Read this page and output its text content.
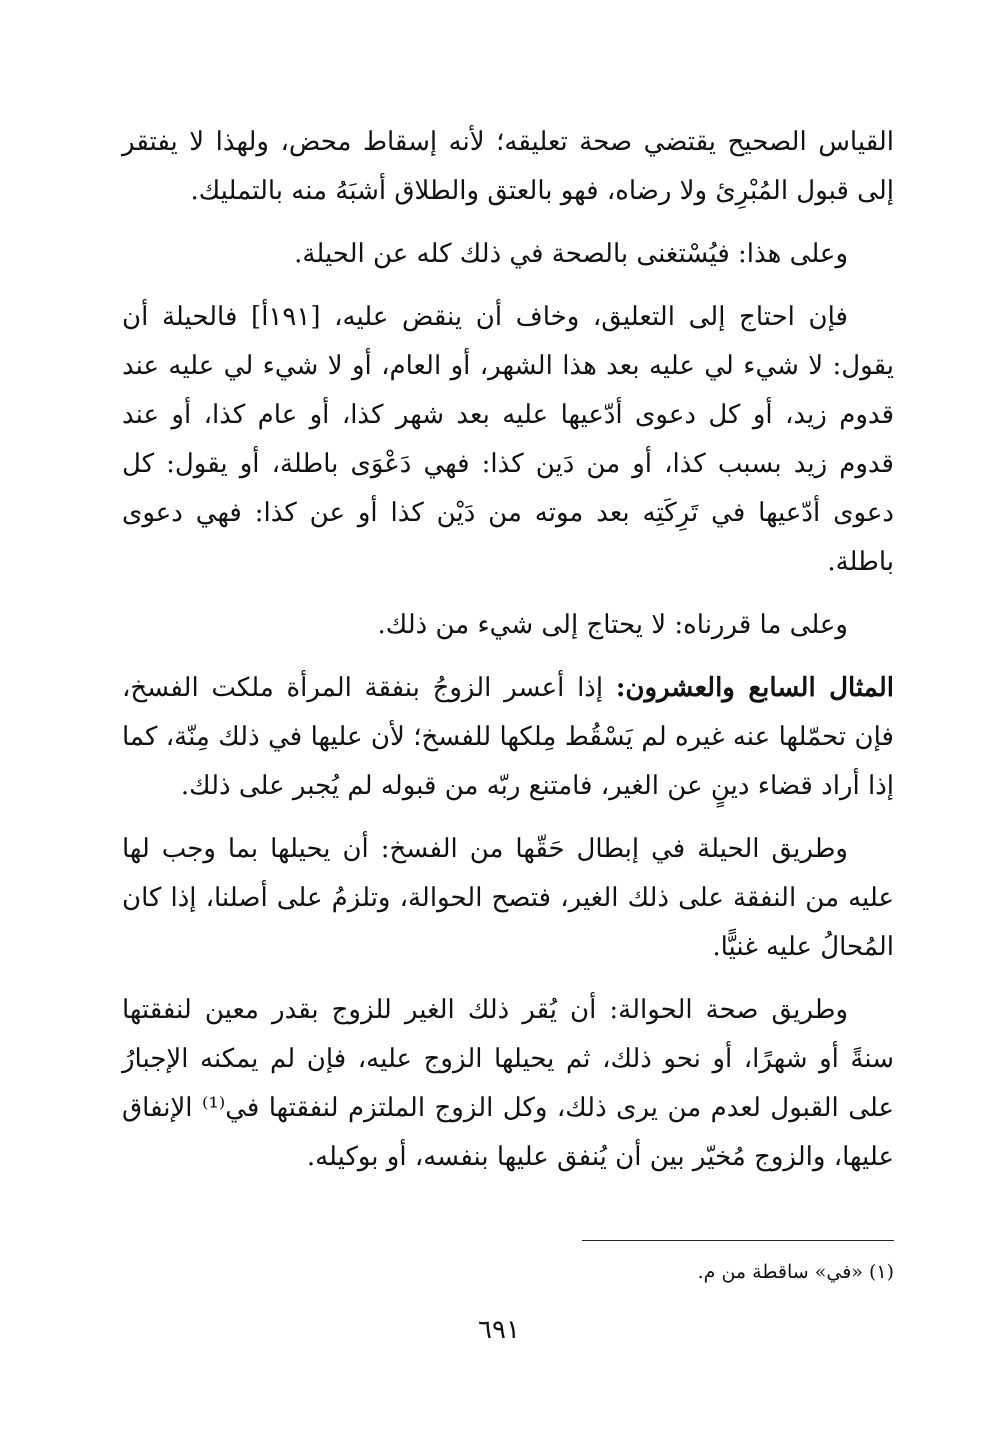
القياس الصحيح يقتضي صحة تعليقه؛ لأنه إسقاط محض، ولهذا لا يفتقر إلى قبول المُبْرِئ ولا رضاه، فهو بالعتق والطلاق أشبَهُ منه بالتمليك.

وعلى هذا: فيُسْتغنى بالصحة في ذلك كله عن الحيلة.

فإن احتاج إلى التعليق، وخاف أن ينقض عليه، [١٩١أ] فالحيلة أن يقول: لا شيء لي عليه بعد هذا الشهر، أو العام، أو لا شيء لي عليه عند قدوم زيد، أو كل دعوى أدّعيها عليه بعد شهر كذا، أو عام كذا، أو عند قدوم زيد بسبب كذا، أو من دَين كذا: فهي دَعْوَى باطلة، أو يقول: كل دعوى أدّعيها في تَرِكَتِه بعد موته من دَيْن كذا أو عن كذا: فهي دعوى باطلة.

وعلى ما قررناه: لا يحتاج إلى شيء من ذلك.

المثال السابع والعشرون: إذا أعسر الزوجُ بنفقة المرأة ملكت الفسخ، فإن تحمّلها عنه غيره لم يَسْقُط مِلكها للفسخ؛ لأن عليها في ذلك مِنّة، كما إذا أراد قضاء دينٍ عن الغير، فامتنع ربّه من قبوله لم يُجبر على ذلك.

وطريق الحيلة في إبطال حَقّها من الفسخ: أن يحيلها بما وجب لها عليه من النفقة على ذلك الغير، فتصح الحوالة، وتلزمُ على أصلنا، إذا كان المُحالُ عليه غنيًّا.

وطريق صحة الحوالة: أن يُقر ذلك الغير للزوج بقدر معين لنفقتها سنةً أو شهرًا، أو نحو ذلك، ثم يحيلها الزوج عليه، فإن لم يمكنه الإجبارُ على القبول لعدم من يرى ذلك، وكل الزوج الملتزم لنفقتها في⁽¹⁾ الإنفاق عليها، والزوج مُخيّر بين أن يُنفق عليها بنفسه، أو بوكيله.

(١) «في» ساقطة من م.
٦٩١
